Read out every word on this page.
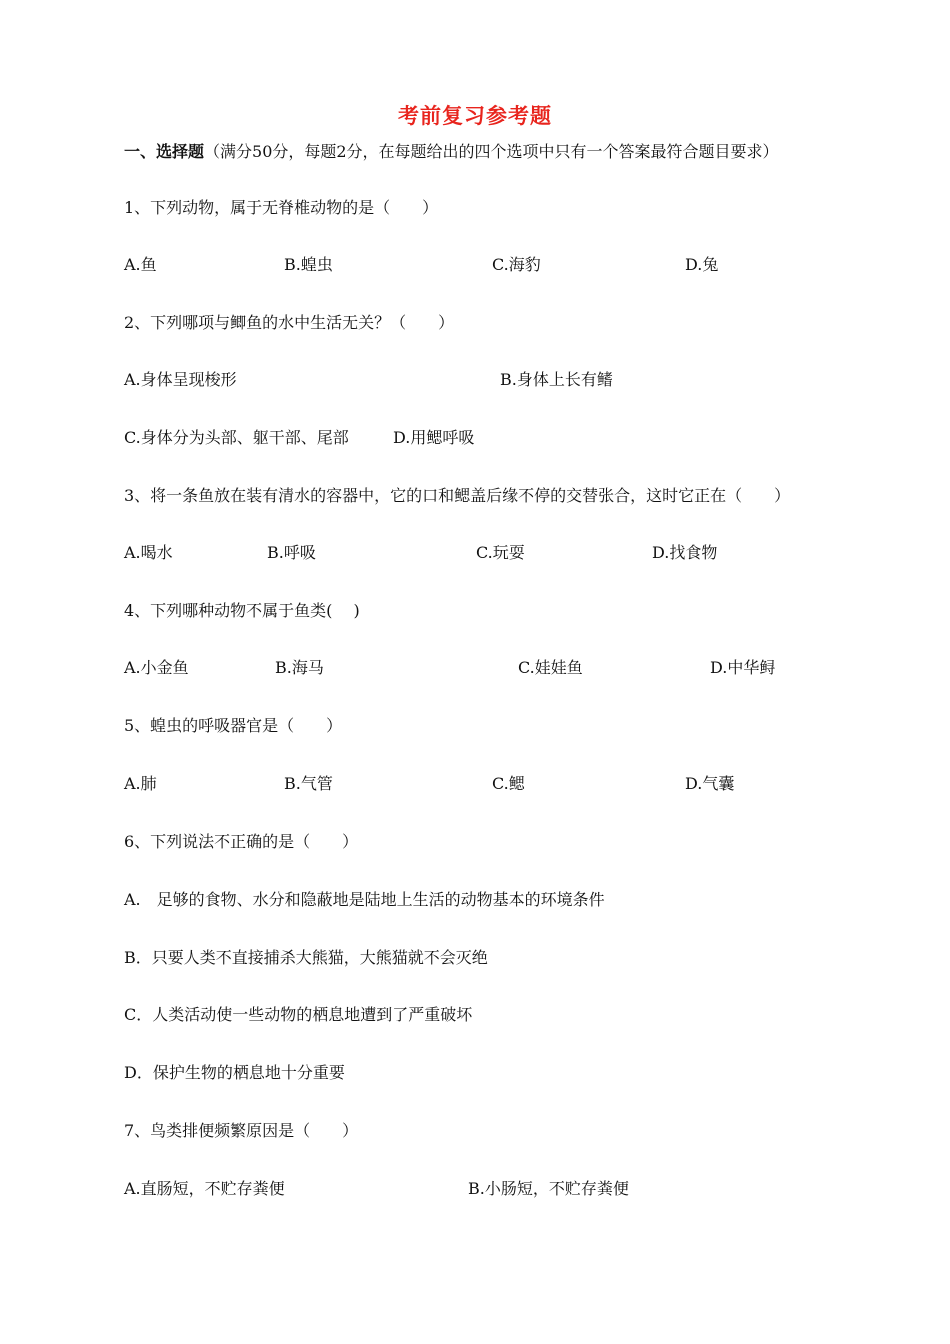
考前复习参考题
一、选择题（满分50分，每题2分，在每题给出的四个选项中只有一个答案最符合题目要求）
1、下列动物，属于无脊椎动物的是（　　）
A.鱼	B.蝗虫	C.海豹	D.兔
2、下列哪项与鲫鱼的水中生活无关？（　　）
A.身体呈现梭形	B.身体上长有鳍
C.身体分为头部、躯干部、尾部	D.用鳃呼吸
3、将一条鱼放在装有清水的容器中，它的口和鳃盖后缘不停的交替张合，这时它正在（　　）
A.喝水	B.呼吸	C.玩耍	D.找食物
4、下列哪种动物不属于鱼类(　 )
A.小金鱼	B.海马	C.娃娃鱼	D.中华鲟
5、蝗虫的呼吸器官是（　　）
A.肺	B.气管	C.鳃	D.气囊
6、下列说法不正确的是（　　）
A.　足够的食物、水分和隐蔽地是陆地上生活的动物基本的环境条件
B．只要人类不直接捕杀大熊猫，大熊猫就不会灭绝
C．人类活动使一些动物的栖息地遭到了严重破坏
D．保护生物的栖息地十分重要
7、鸟类排便频繁原因是（　　）
A.直肠短，不贮存粪便	B.小肠短，不贮存粪便
